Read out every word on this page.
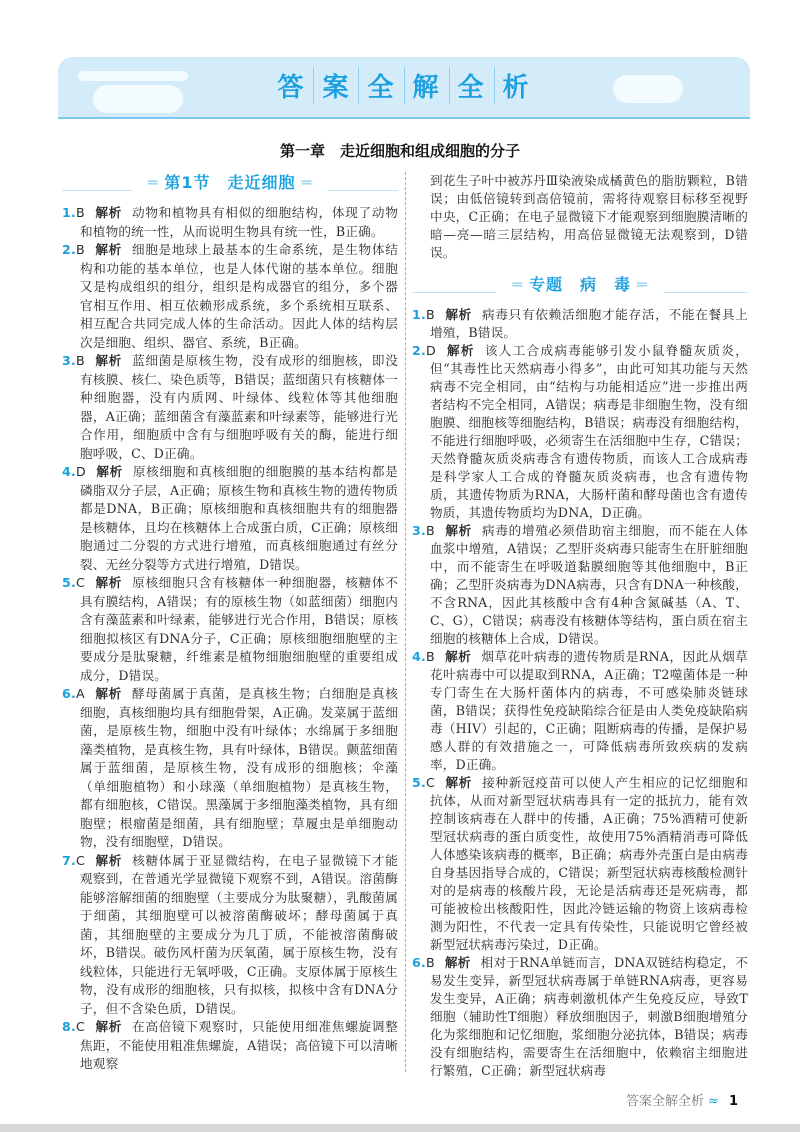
答 案 全 解 全 析
第一章　走近细胞和组成细胞的分子
═ 第1节　走近细胞 ═
1.B 解析 动物和植物具有相似的细胞结构，体现了动物和植物的统一性，从而说明生物具有统一性，B正确。
2.B 解析 细胞是地球上最基本的生命系统，是生物体结构和功能的基本单位，也是人体代谢的基本单位。细胞又是构成组织的组分，组织是构成器官的组分，多个器官相互作用、相互依赖形成系统，多个系统相互联系、相互配合共同完成人体的生命活动。因此人体的结构层次是细胞、组织、器官、系统，B正确。
3.B 解析 蓝细菌是原核生物，没有成形的细胞核，即没有核膜、核仁、染色质等，B错误；蓝细菌只有核糖体一种细胞器，没有内质网、叶绿体、线粒体等其他细胞器，A正确；蓝细菌含有藻蓝素和叶绿素等，能够进行光合作用，细胞质中含有与细胞呼吸有关的酶，能进行细胞呼吸，C、D正确。
4.D 解析 原核细胞和真核细胞的细胞膜的基本结构都是磷脂双分子层，A正确；原核生物和真核生物的遗传物质都是DNA，B正确；原核细胞和真核细胞共有的细胞器是核糖体，且均在核糖体上合成蛋白质，C正确；原核细胞通过二分裂的方式进行增殖，而真核细胞通过有丝分裂、无丝分裂等方式进行增殖，D错误。
5.C 解析 原核细胞只含有核糖体一种细胞器，核糖体不具有膜结构，A错误；有的原核生物（如蓝细菌）细胞内含有藻蓝素和叶绿素，能够进行光合作用，B错误；原核细胞拟核区有DNA分子，C正确；原核细胞细胞壁的主要成分是肽聚糖，纤维素是植物细胞细胞壁的重要组成成分，D错误。
6.A 解析 酵母菌属于真菌，是真核生物；白细胞是真核细胞，真核细胞均具有细胞骨架，A正确。发菜属于蓝细菌，是原核生物，细胞中没有叶绿体；水绵属于多细胞藻类植物，是真核生物，具有叶绿体，B错误。颤蓝细菌属于蓝细菌，是原核生物，没有成形的细胞核；伞藻（单细胞植物）和小球藻（单细胞植物）是真核生物，都有细胞核，C错误。黑藻属于多细胞藻类植物，具有细胞壁；根瘤菌是细菌，具有细胞壁；草履虫是单细胞动物，没有细胞壁，D错误。
7.C 解析 核糖体属于亚显微结构，在电子显微镜下才能观察到，在普通光学显微镜下观察不到，A错误。溶菌酶能够溶解细菌的细胞壁（主要成分为肽聚糖），乳酸菌属于细菌，其细胞壁可以被溶菌酶破坏；酵母菌属于真菌，其细胞壁的主要成分为几丁质，不能被溶菌酶破坏，B错误。破伤风杆菌为厌氧菌，属于原核生物，没有线粒体，只能进行无氧呼吸，C正确。支原体属于原核生物，没有成形的细胞核，只有拟核，拟核中含有DNA分子，但不含染色质，D错误。
8.C 解析 在高倍镜下观察时，只能使用细准焦螺旋调整焦距，不能使用粗准焦螺旋，A错误；高倍镜下可以清晰地观察
到花生子叶中被苏丹Ⅲ染液染成橘黄色的脂肪颗粒，B错误；由低倍镜转到高倍镜前，需将待观察目标移至视野中央，C正确；在电子显微镜下才能观察到细胞膜清晰的暗—亮—暗三层结构，用高倍显微镜无法观察到，D错误。
═ 专题　病　毒 ═
1.B 解析 病毒只有依赖活细胞才能存活，不能在餐具上增殖，B错误。
2.D 解析 该人工合成病毒能够引发小鼠脊髓灰质炎，但“其毒性比天然病毒小得多”，由此可知其功能与天然病毒不完全相同，由“结构与功能相适应”进一步推出两者结构不完全相同，A错误；病毒是非细胞生物，没有细胞膜、细胞核等细胞结构，B错误；病毒没有细胞结构，不能进行细胞呼吸，必须寄生在活细胞中生存，C错误；天然脊髓灰质炎病毒含有遗传物质，而该人工合成病毒是科学家人工合成的脊髓灰质炎病毒，也含有遗传物质，其遗传物质为RNA，大肠杆菌和酵母菌也含有遗传物质，其遗传物质均为DNA，D正确。
3.B 解析 病毒的增殖必须借助宿主细胞，而不能在人体血浆中增殖，A错误；乙型肝炎病毒只能寄生在肝脏细胞中，而不能寄生在呼吸道黏膜细胞等其他细胞中，B正确；乙型肝炎病毒为DNA病毒，只含有DNA一种核酸，不含RNA，因此其核酸中含有4种含氮碱基（A、T、C、G），C错误；病毒没有核糖体等结构，蛋白质在宿主细胞的核糖体上合成，D错误。
4.B 解析 烟草花叶病毒的遗传物质是RNA，因此从烟草花叶病毒中可以提取到RNA，A正确；T2噬菌体是一种专门寄生在大肠杆菌体内的病毒，不可感染肺炎链球菌，B错误；获得性免疫缺陷综合征是由人类免疫缺陷病毒（HIV）引起的，C正确；阻断病毒的传播，是保护易感人群的有效措施之一，可降低病毒所致疾病的发病率，D正确。
5.C 解析 接种新冠疫苗可以使人产生相应的记忆细胞和抗体，从而对新型冠状病毒具有一定的抵抗力，能有效控制该病毒在人群中的传播，A正确；75%酒精可使新型冠状病毒的蛋白质变性，故使用75%酒精消毒可降低人体感染该病毒的概率，B正确；病毒外壳蛋白是由病毒自身基因指导合成的，C错误；新型冠状病毒核酸检测针对的是病毒的核酸片段，无论是活病毒还是死病毒，都可能被检出核酸阳性，因此冷链运输的物资上该病毒检测为阳性，不代表一定具有传染性，只能说明它曾经被新型冠状病毒污染过，D正确。
6.B 解析 相对于RNA单链而言，DNA双链结构稳定，不易发生变异，新型冠状病毒属于单链RNA病毒，更容易发生变异，A正确；病毒刺激机体产生免疫反应，导致T细胞（辅助性T细胞）释放细胞因子，刺激B细胞增殖分化为浆细胞和记忆细胞，浆细胞分泌抗体，B错误；病毒没有细胞结构，需要寄生在活细胞中，依赖宿主细胞进行繁殖，C正确；新型冠状病毒
答案全解全析 ≈ 1
